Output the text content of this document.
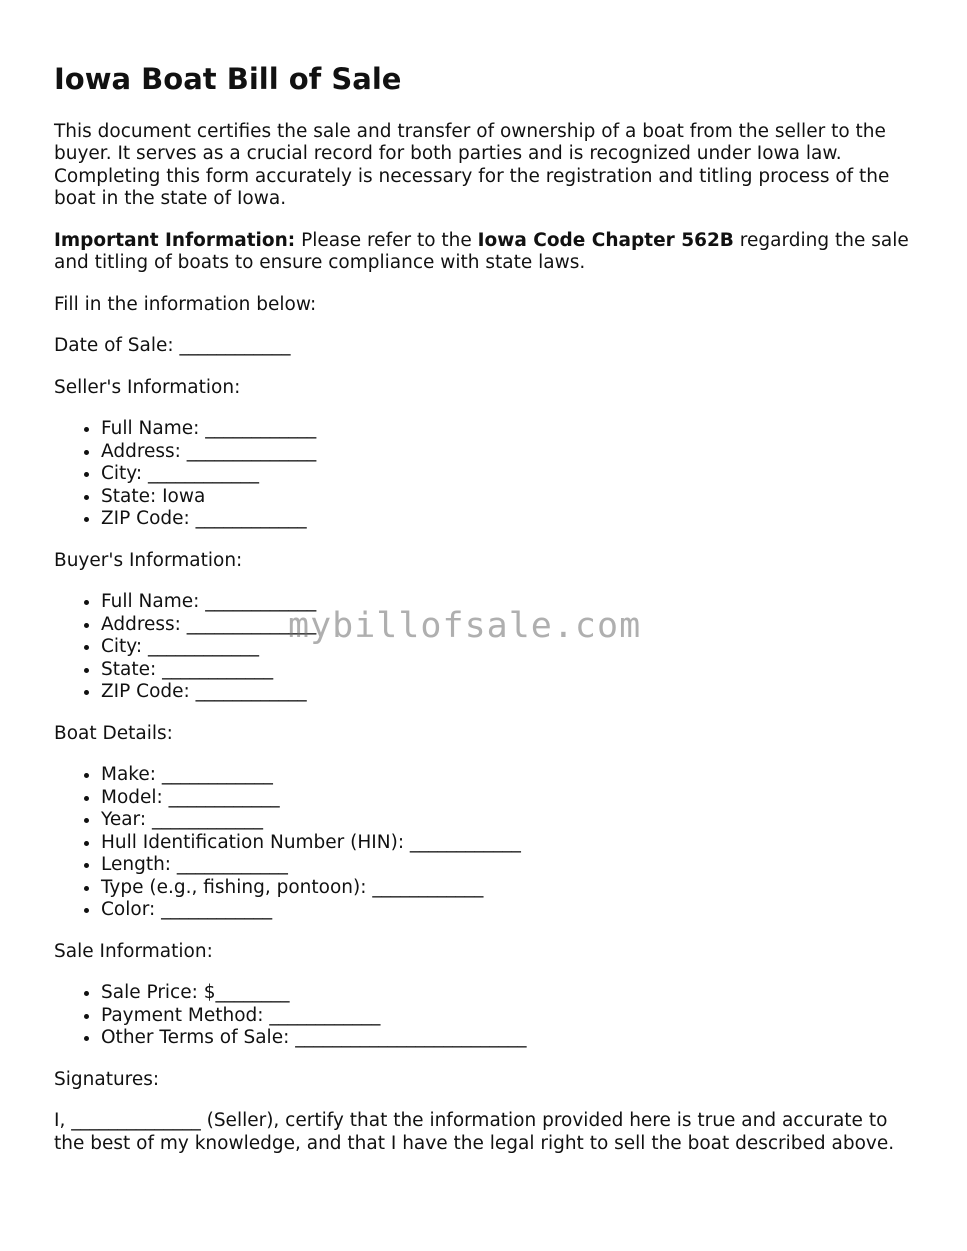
Iowa Boat Bill of Sale

This document certifies the sale and transfer of ownership of a boat from the seller to the buyer. It serves as a crucial record for both parties and is recognized under Iowa law. Completing this form accurately is necessary for the registration and titling process of the boat in the state of Iowa.

Important Information: Please refer to the Iowa Code Chapter 562B regarding the sale and titling of boats to ensure compliance with state laws.

Fill in the information below:

Date of Sale: ____________

Seller's Information:

• Full Name: ____________
• Address: ______________
• City: ____________
• State: Iowa
• ZIP Code: ____________

Buyer's Information:

• Full Name: ____________
• Address: ______________
• City: ____________
• State: ____________
• ZIP Code: ____________

Boat Details:

• Make: ____________
• Model: ____________
• Year: ____________
• Hull Identification Number (HIN): ____________
• Length: ____________
• Type (e.g., fishing, pontoon): ____________
• Color: ____________

Sale Information:

• Sale Price: $________
• Payment Method: ____________
• Other Terms of Sale: _________________________

Signatures:

I, ______________ (Seller), certify that the information provided here is true and accurate to the best of my knowledge, and that I have the legal right to sell the boat described above.

mybillofsale.com
